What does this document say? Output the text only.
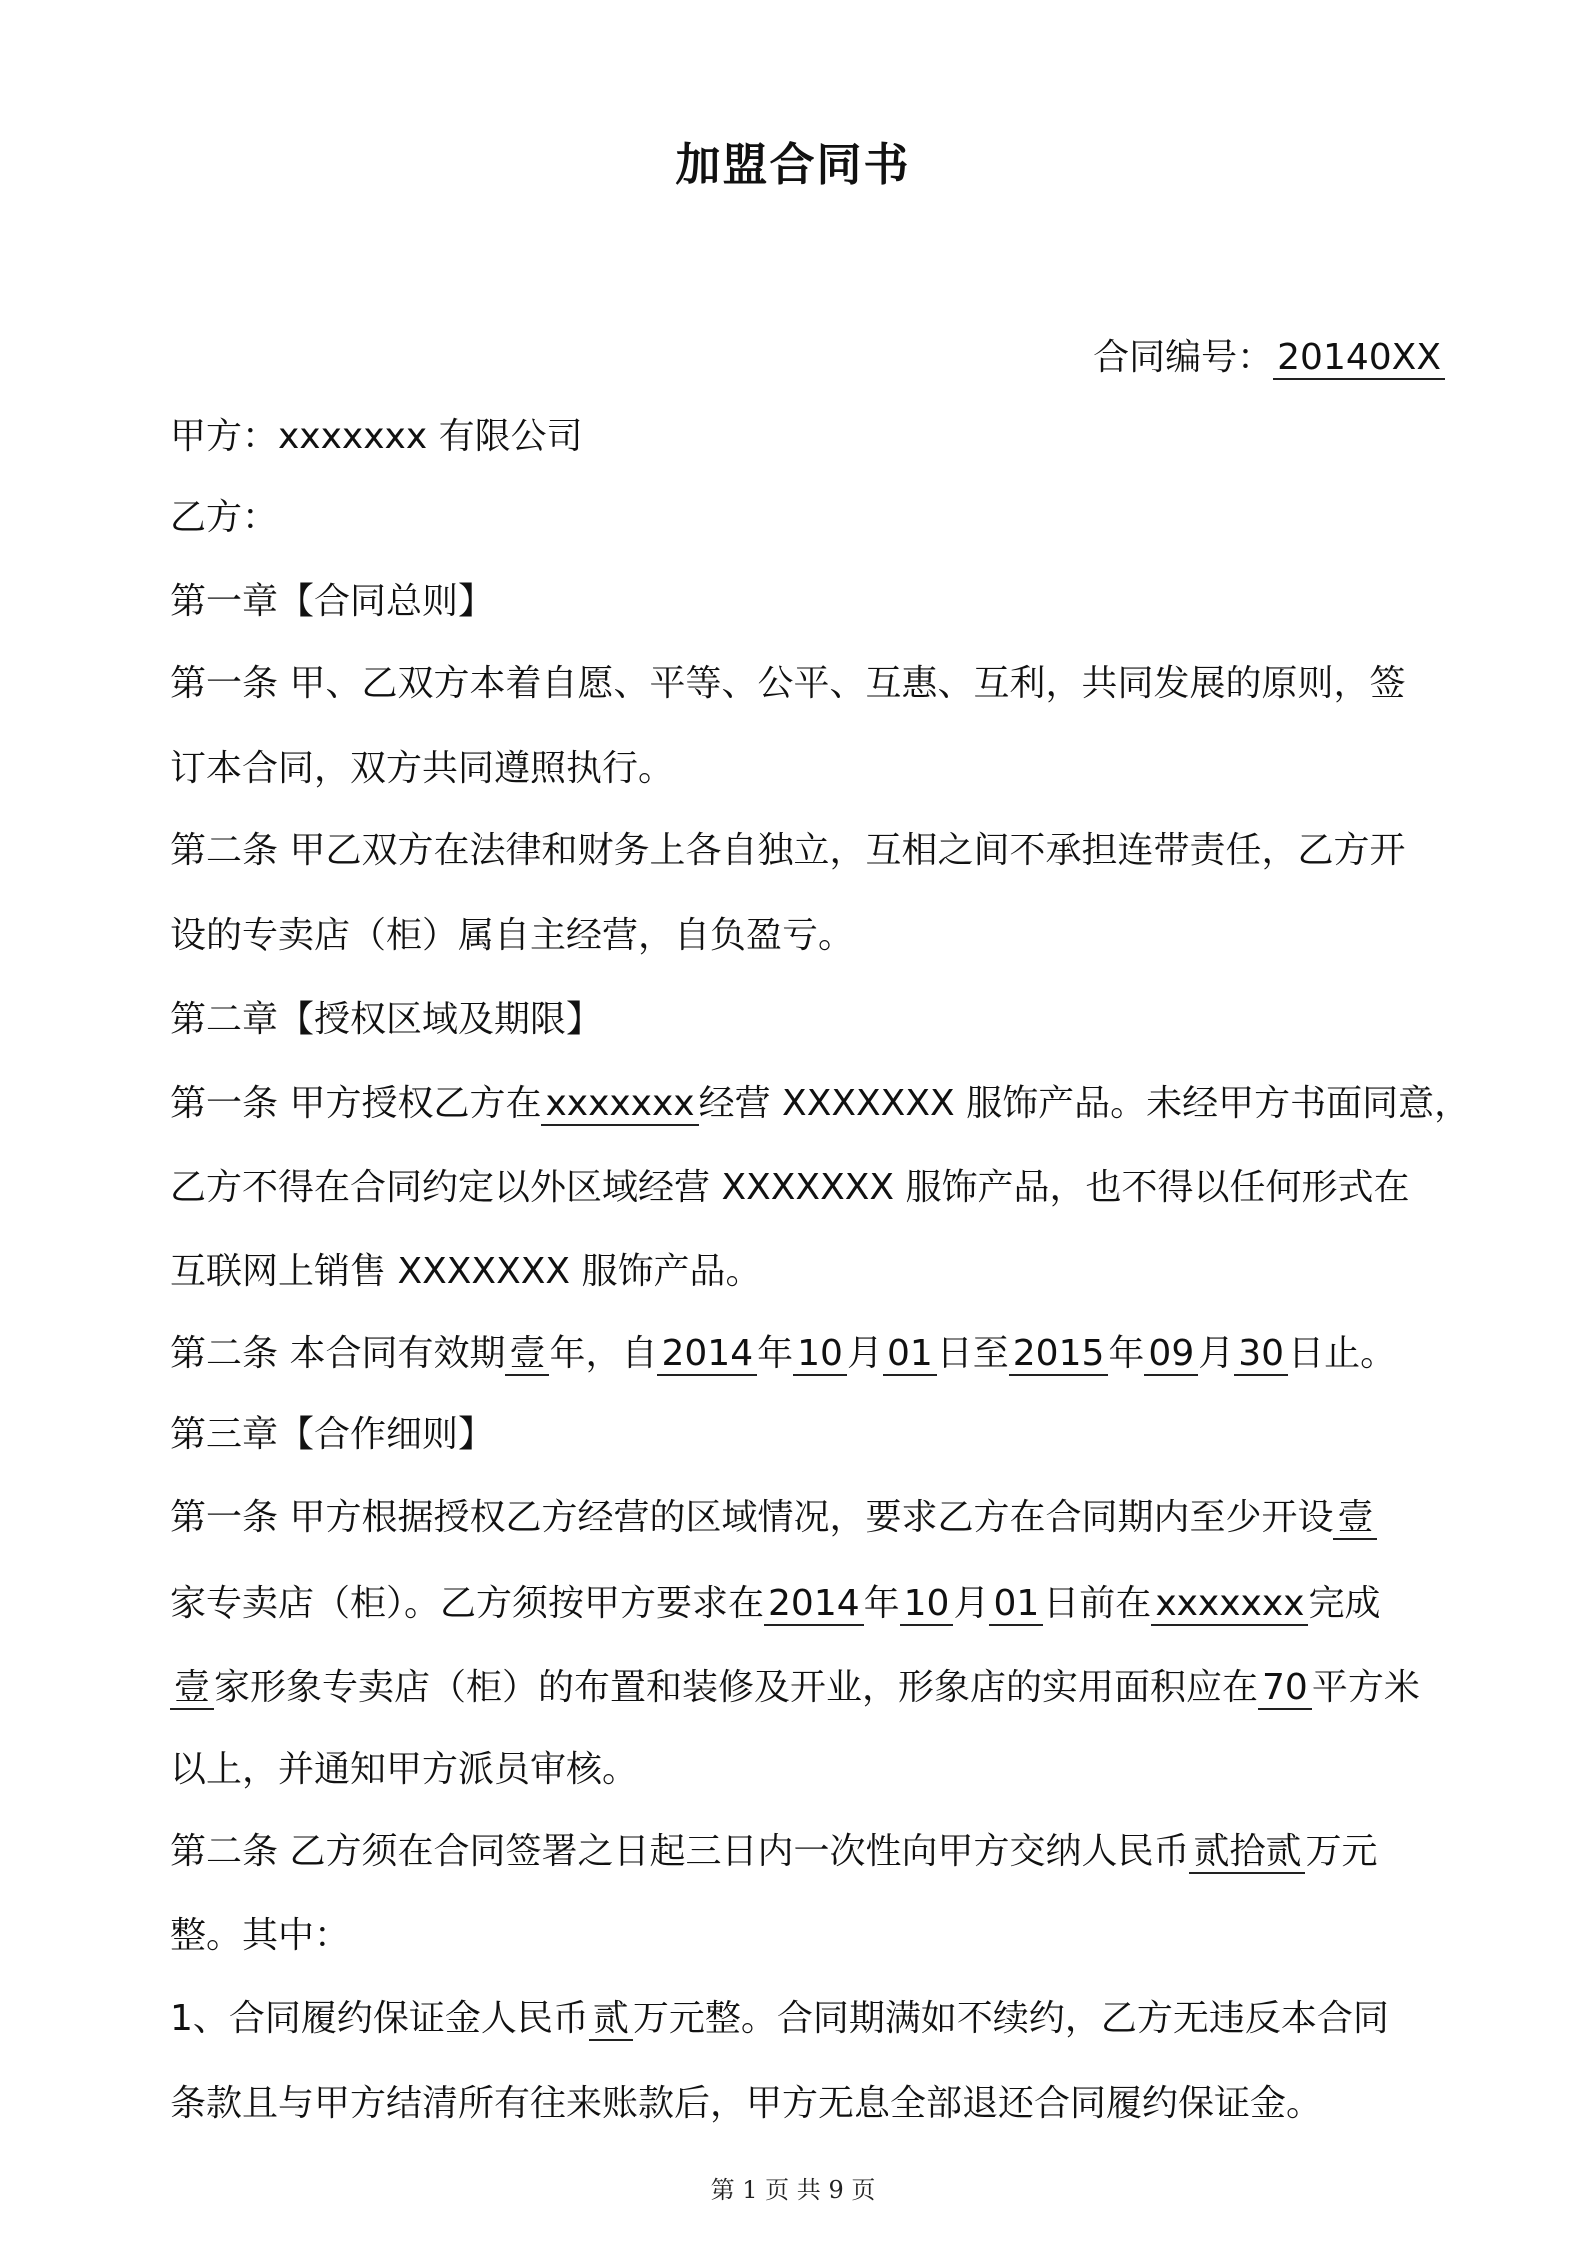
加盟合同书
合同编号： 20140XX
甲方：xxxxxxx 有限公司
乙方：
第一章【合同总则】
第一条 甲、乙双方本着自愿、平等、公平、互惠、互利，共同发展的原则，签
订本合同，双方共同遵照执行。
第二条 甲乙双方在法律和财务上各自独立，互相之间不承担连带责任，乙方开
设的专卖店（柜）属自主经营，自负盈亏。
第二章【授权区域及期限】
第一条 甲方授权乙方在 xxxxxxx 经营 XXXXXXX 服饰产品。未经甲方书面同意，
乙方不得在合同约定以外区域经营 XXXXXXX 服饰产品，也不得以任何形式在
互联网上销售 XXXXXXX 服饰产品。
第二条 本合同有效期 壹 年，自 2014 年 10 月 01 日至 2015 年 09 月 30 日止。
第三章【合作细则】
第一条 甲方根据授权乙方经营的区域情况，要求乙方在合同期内至少开设 壹
家专卖店（柜）。乙方须按甲方要求在 2014 年 10 月 01 日前在 xxxxxxx 完成
壹 家形象专卖店（柜）的布置和装修及开业，形象店的实用面积应在 70 平方米
以上，并通知甲方派员审核。
第二条 乙方须在合同签署之日起三日内一次性向甲方交纳人民币 贰拾贰 万元
整。其中：
1、合同履约保证金人民币 贰 万元整。合同期满如不续约，乙方无违反本合同
条款且与甲方结清所有往来账款后，甲方无息全部退还合同履约保证金。
第 1 页 共 9 页
